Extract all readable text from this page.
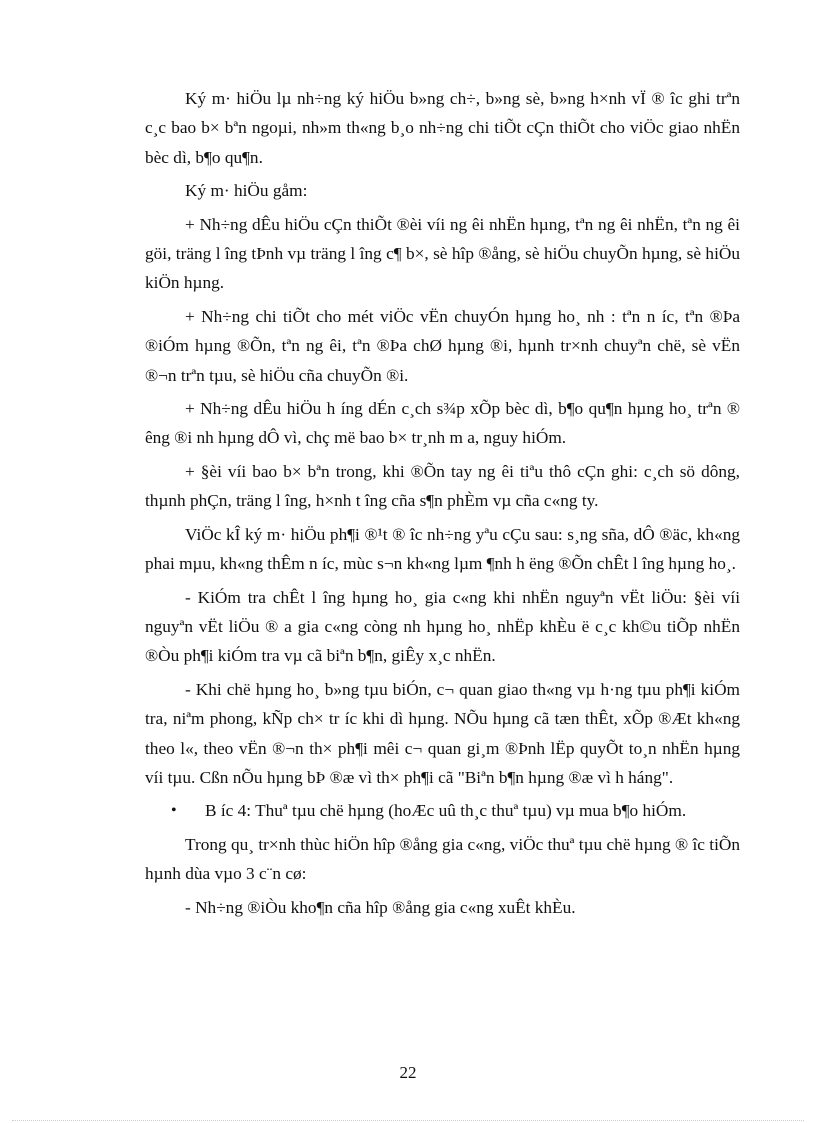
Ký m· hiÖu lµ nh÷ng ký hiÖu b»ng ch÷, b»ng sè, b»ng h×nh vÏ ® îc ghi trªn c¸c bao b× bªn ngoµi, nh»m th«ng b¸o nh÷ng chi tiÕt cÇn thiÕt cho viÖc giao nhËn bèc dì, b¶o qu¶n.

Ký m· hiÖu gåm:

+ Nh÷ng dÊu hiÖu cÇn thiÕt ®èi víi ng êi nhËn hµng, tªn ng êi nhËn, tªn ng êi göi, träng l îng tÞnh vµ träng l îng c¶ b×, sè hîp ®ång, sè hiÖu chuyÕn hµng, sè hiÖu kiÖn hµng.

+ Nh÷ng chi tiÕt cho mét viÖc vËn chuyÓn hµng ho¸ nh : tªn n íc, tªn ®Þa ®iÓm hµng ®Õn, tªn ng êi, tªn ®Þa chØ hµng ®i, hµnh tr×nh chuyªn chë, sè vËn ®¬n trªn tµu, sè hiÖu cña chuyÕn ®i.

+ Nh÷ng dÊu hiÖu h íng dÉn c¸ch s¾p xÕp bèc dì, b¶o qu¶n hµng ho¸ trªn ® êng ®i nh hµng dÔ vì, chç më bao b× tr¸nh m a, nguy hiÓm.

+ §èi víi bao b× bªn trong, khi ®Õn tay ng êi tiªu thô cÇn ghi: c¸ch sö dông, thµnh phÇn, träng l îng, h×nh t îng cña s¶n phÈm vµ cña c«ng ty.

ViÖc kÎ ký m· hiÖu ph¶i ®¹t ® îc nh÷ng yªu cÇu sau: s¸ng sña, dÔ ®äc, kh«ng phai mµu, kh«ng thÊm n íc, mùc s¬n kh«ng lµm ¶nh h ëng ®Õn chÊt l îng hµng ho¸.

- KiÓm tra chÊt l îng hµng ho¸ gia c«ng khi nhËn nguyªn vËt liÖu: §èi víi nguyªn vËt liÖu ® a gia c«ng còng nh hµng ho¸ nhËp khÈu ë c¸c kh©u tiÕp nhËn ®Òu ph¶i kiÓm tra vµ cã biªn b¶n, giÊy x¸c nhËn.

- Khi chë hµng ho¸ b»ng tµu biÓn, c¬ quan giao th«ng vµ h·ng tµu ph¶i kiÓm tra, niªm phong, kÑp ch× tr íc khi dì hµng. NÕu hµng cã tæn thÊt, xÕp ®Æt kh«ng theo l«, theo vËn ®¬n th× ph¶i mêi c¬ quan gi¸m ®Þnh lËp quyÕt to¸n nhËn hµng víi tµu. Cßn nÕu hµng bÞ ®æ vì th× ph¶i cã "Biªn b¶n hµng ®æ vì h háng".

•	B íc 4: Thuª tµu chë hµng (hoÆc uû th¸c thuª tµu) vµ mua b¶o hiÓm.

Trong qu¸ tr×nh thùc hiÖn hîp ®ång gia c«ng, viÖc thuª tµu chë hµng ® îc tiÕn hµnh dùa vµo 3 c¨n cø:

- Nh÷ng ®iÒu kho¶n cña hîp ®ång gia c«ng xuÊt khÈu.

22
